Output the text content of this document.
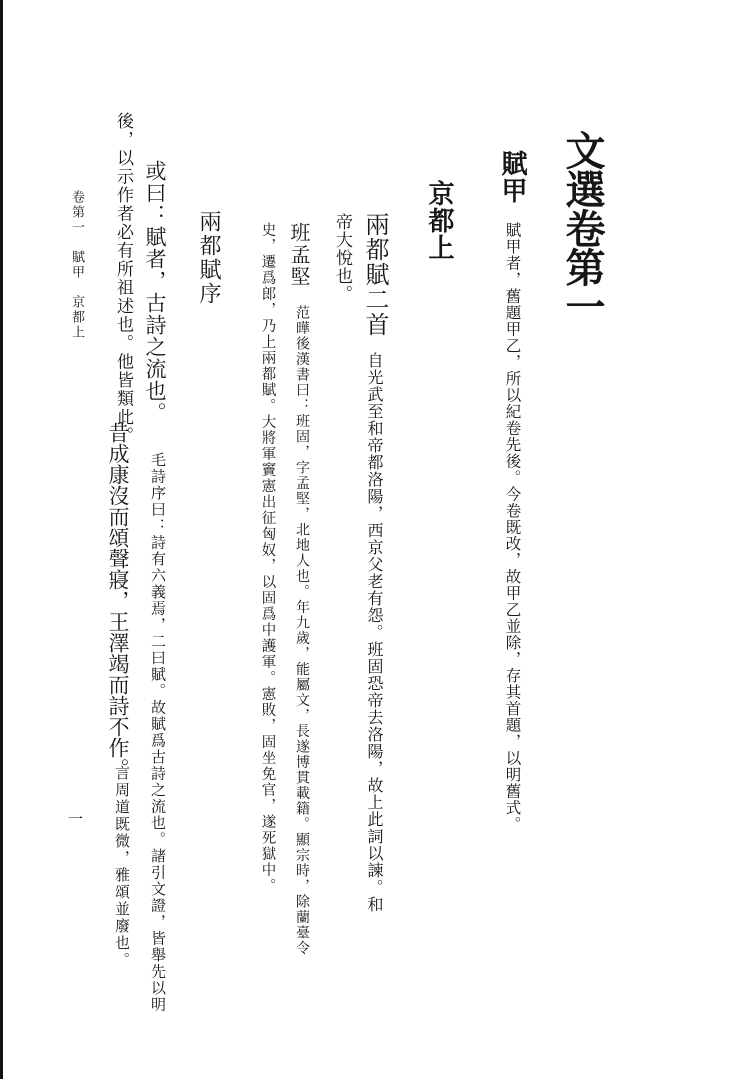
文選卷第一
賦甲
賦甲者，舊題甲乙，所以紀卷先後。今卷既改，故甲乙並除，存其首題，以明舊式。
京都上
兩都賦二首
自光武至和帝都洛陽，西京父老有怨。班固恐帝去洛陽，故上此詞以諫。和
帝大悅也。
班孟堅
范曄後漢書曰：班固，字孟堅，北地人也。年九歲，能屬文，長遂博貫載籍。顯宗時，除蘭臺令
史，遷爲郎，乃上兩都賦。大將軍竇憲出征匈奴，以固爲中護軍。憲敗，固坐免官，遂死獄中。
兩都賦序
或曰：賦者，古詩之流也。
毛詩序曰：詩有六義焉，二曰賦。故賦爲古詩之流也。諸引文證，皆舉先以明
後，以示作者必有所祖述也。他皆類此。
昔成康沒而頌聲寢，王澤竭而詩不作。
言周道既微，雅頌並廢也。
卷第一　賦甲　京都上
一
